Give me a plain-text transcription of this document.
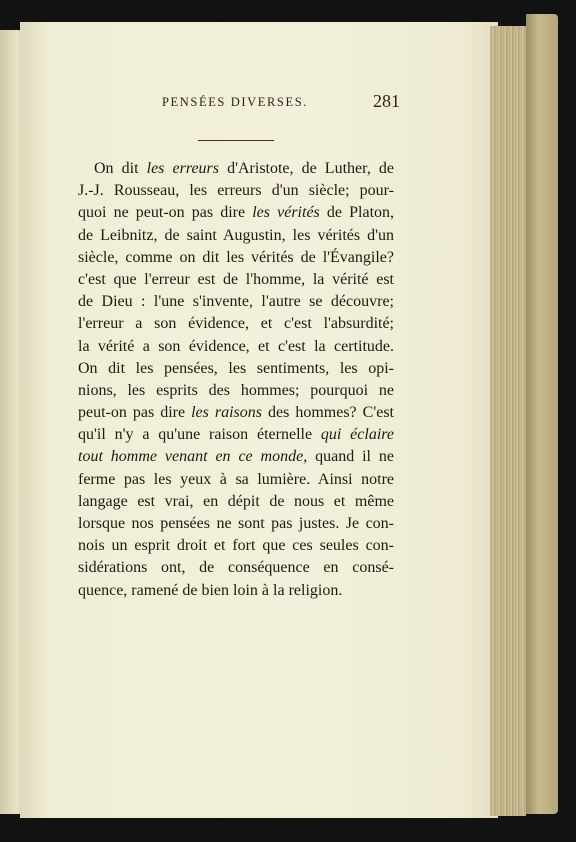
PENSÉES DIVERSES.	281
On dit les erreurs d'Aristote, de Luther, de
J.-J. Rousseau, les erreurs d'un siècle; pour-
quoi ne peut-on pas dire les vérités de Platon,
de Leibnitz, de saint Augustin, les vérités d'un
siècle, comme on dit les vérités de l'Évangile?
c'est que l'erreur est de l'homme, la vérité est
de Dieu : l'une s'invente, l'autre se découvre;
l'erreur a son évidence, et c'est l'absurdité;
la vérité a son évidence, et c'est la certitude.
On dit les pensées, les sentiments, les opi-
nions, les esprits des hommes; pourquoi ne
peut-on pas dire les raisons des hommes? C'est
qu'il n'y a qu'une raison éternelle qui éclaire
tout homme venant en ce monde, quand il ne
ferme pas les yeux à sa lumière. Ainsi notre
langage est vrai, en dépit de nous et même
lorsque nos pensées ne sont pas justes. Je con-
nois un esprit droit et fort que ces seules con-
sidérations ont, de conséquence en consé-
quence, ramené de bien loin à la religion.
